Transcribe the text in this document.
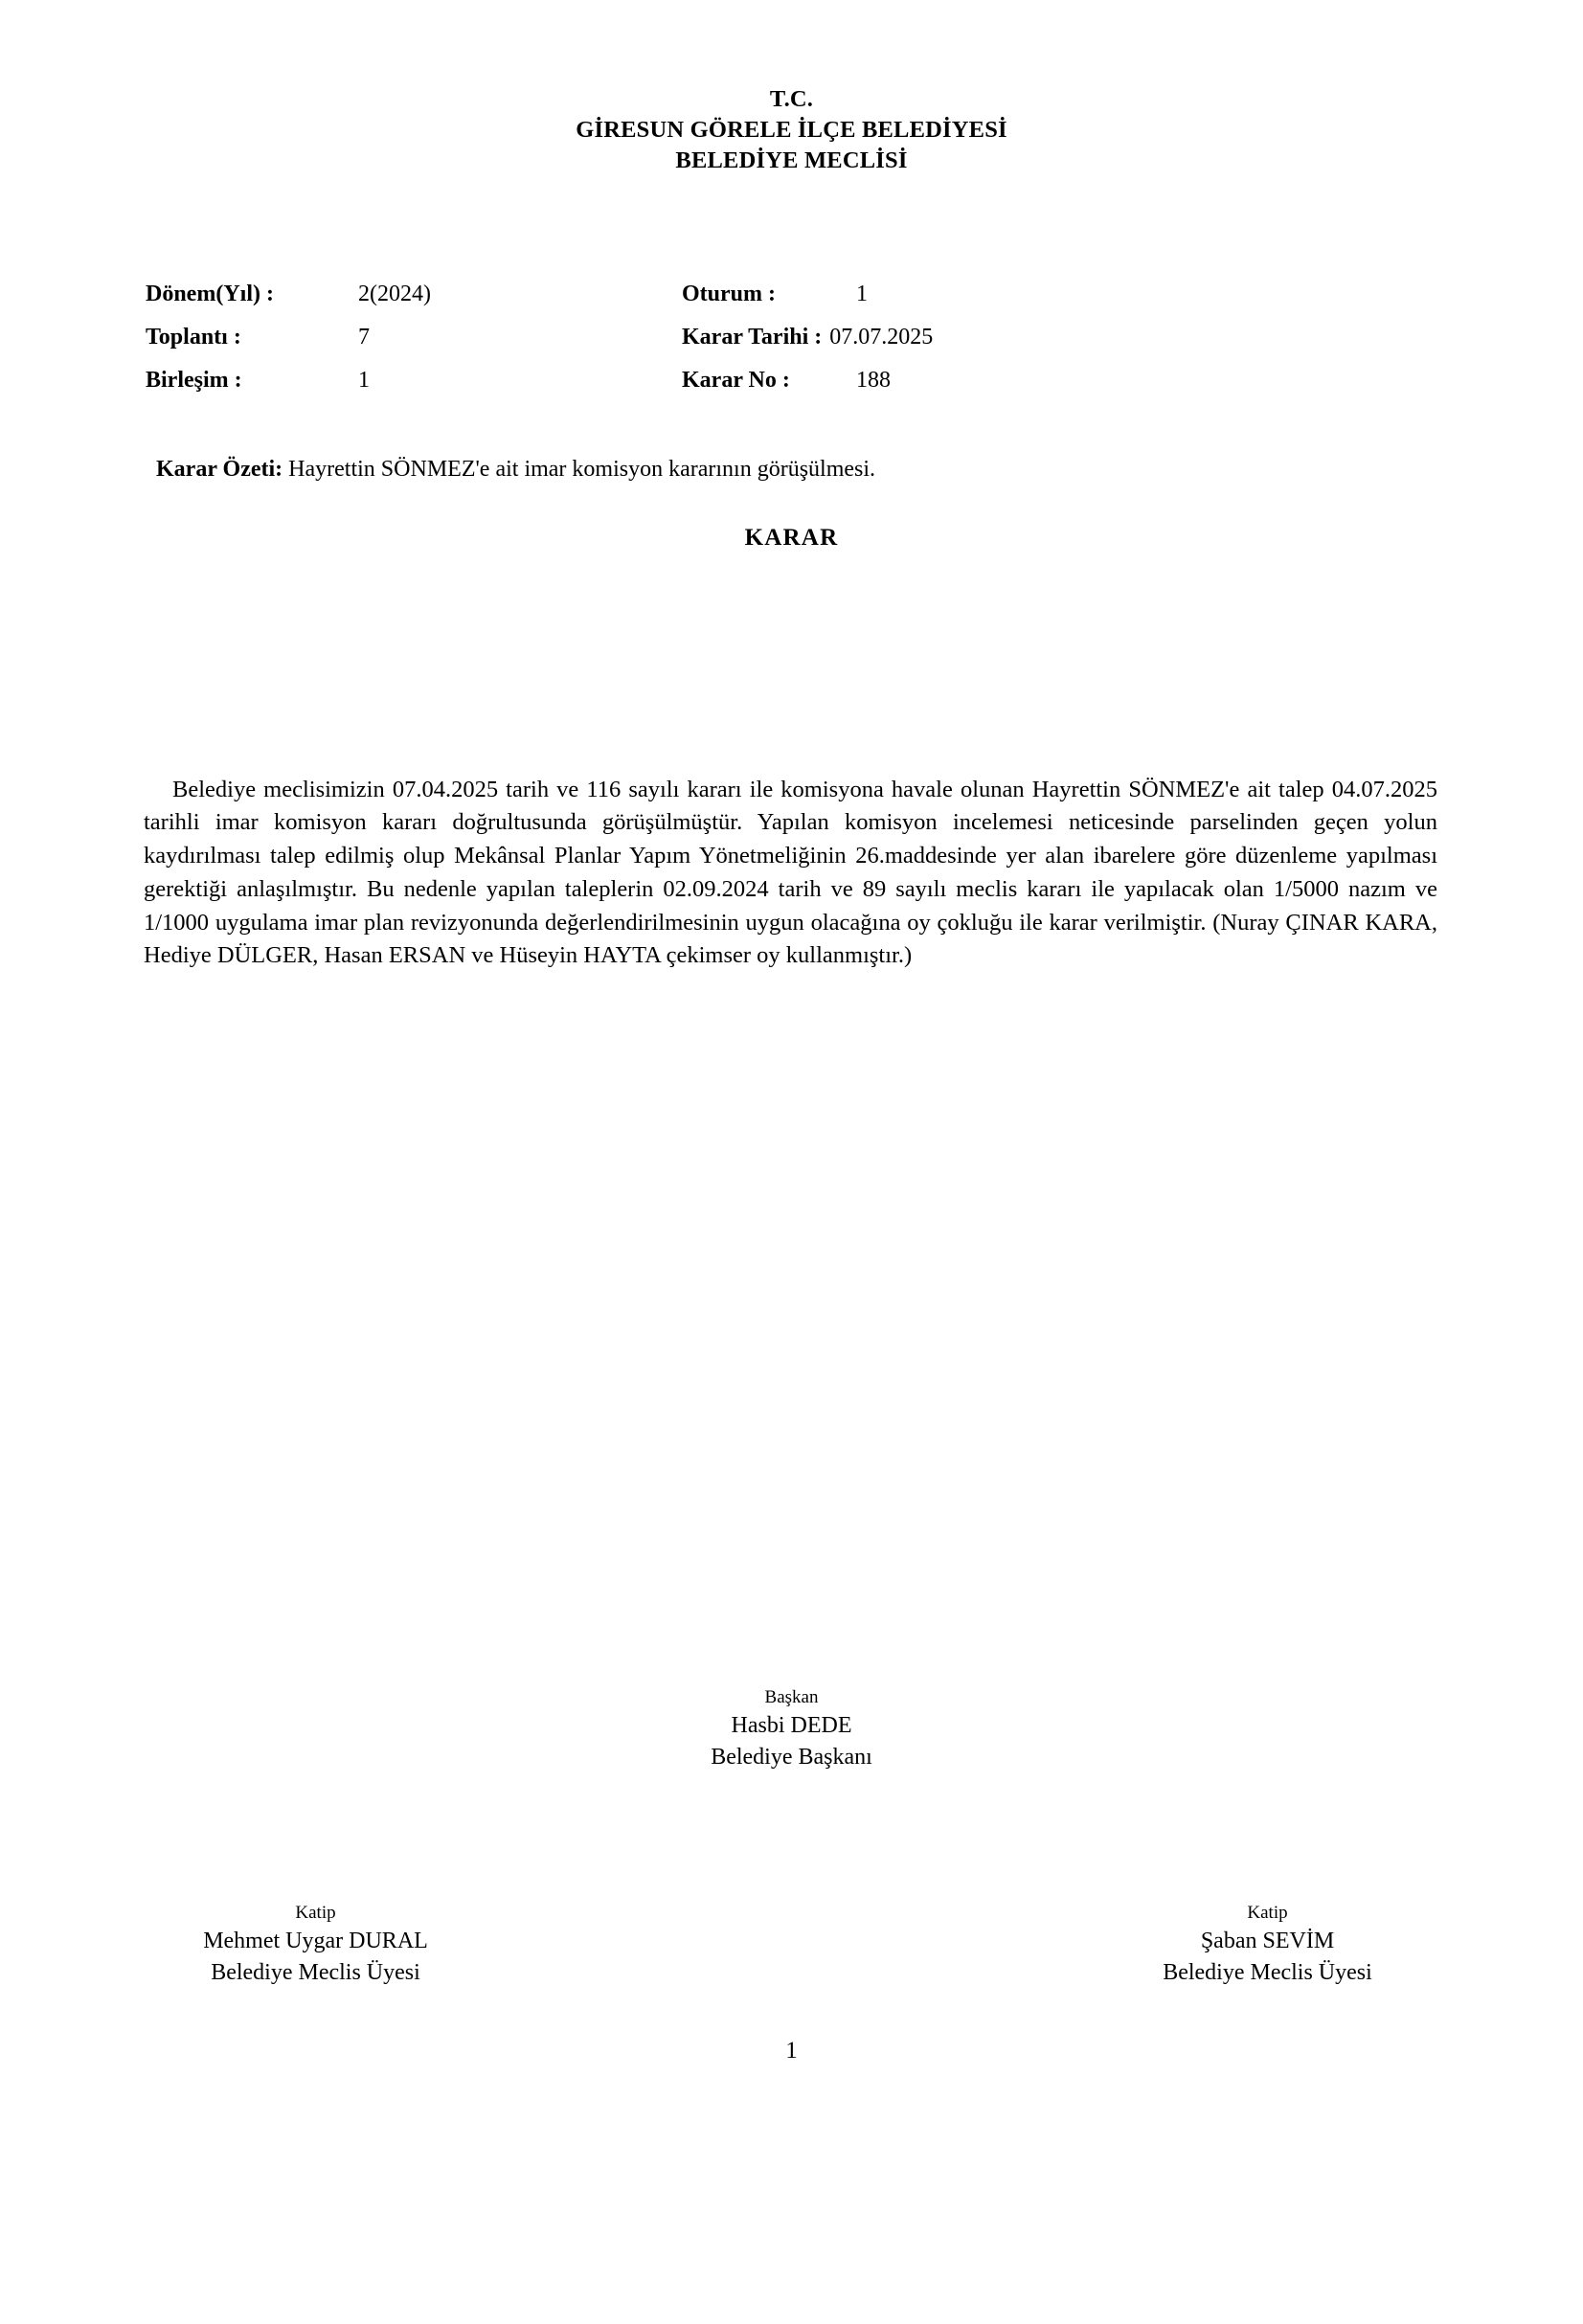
T.C.
GİRESUN GÖRELE İLÇE BELEDİYESİ
BELEDİYE MECLİSİ
Dönem(Yıl) :	2(2024)	Oturum :	1
Toplantı :	7	Karar Tarihi : 07.07.2025
Birleşim :	1	Karar No :	188
Karar Özeti: Hayrettin SÖNMEZ'e ait imar komisyon kararının görüşülmesi.
KARAR
Belediye meclisimizin 07.04.2025 tarih ve 116 sayılı kararı ile komisyona havale olunan Hayrettin SÖNMEZ'e ait talep 04.07.2025 tarihli imar komisyon kararı doğrultusunda görüşülmüştür. Yapılan komisyon incelemesi neticesinde parselinden geçen yolun kaydırılması talep edilmiş olup Mekânsal Planlar Yapım Yönetmeliğinin 26.maddesinde yer alan ibarelere göre düzenleme yapılması gerektiği anlaşılmıştır. Bu nedenle yapılan taleplerin 02.09.2024 tarih ve 89 sayılı meclis kararı ile yapılacak olan 1/5000 nazım ve 1/1000 uygulama imar plan revizyonunda değerlendirilmesinin uygun olacağına oy çokluğu ile karar verilmiştir. (Nuray ÇINAR KARA, Hediye DÜLGER, Hasan ERSAN ve Hüseyin HAYTA çekimser oy kullanmıştır.)
Başkan
Hasbi DEDE
Belediye Başkanı
Katip
Mehmet Uygar DURAL
Belediye Meclis Üyesi
Katip
Şaban SEVİM
Belediye Meclis Üyesi
1
